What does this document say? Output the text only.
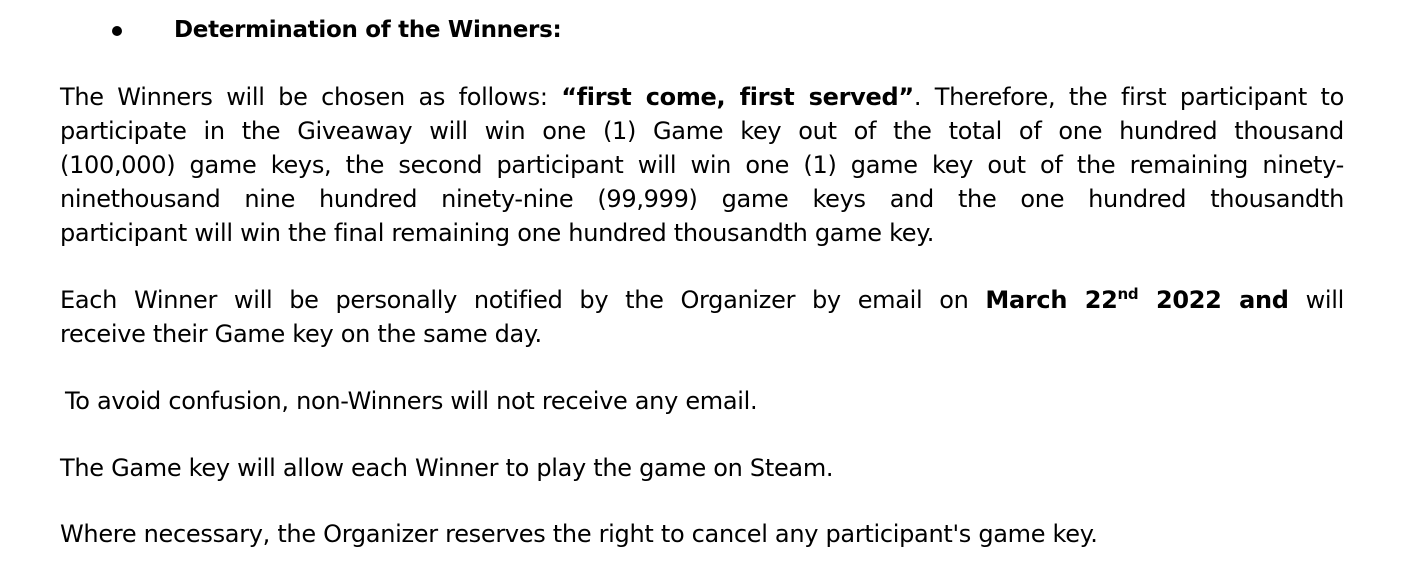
Determination of the Winners:
The Winners will be chosen as follows: “first come, first served”. Therefore, the first participant to
participate in the Giveaway will win one (1) Game key out of the total of one hundred thousand
(100,000) game keys, the second participant will win one (1) game key out of the remaining ninety-
ninethousand nine hundred ninety-nine (99,999) game keys and the one hundred thousandth
participant will win the final remaining one hundred thousandth game key.
Each Winner will be personally notified by the Organizer by email on March 22nd 2022 and will
receive their Game key on the same day.
To avoid confusion, non-Winners will not receive any email.
The Game key will allow each Winner to play the game on Steam.
Where necessary, the Organizer reserves the right to cancel any participant's game key.
